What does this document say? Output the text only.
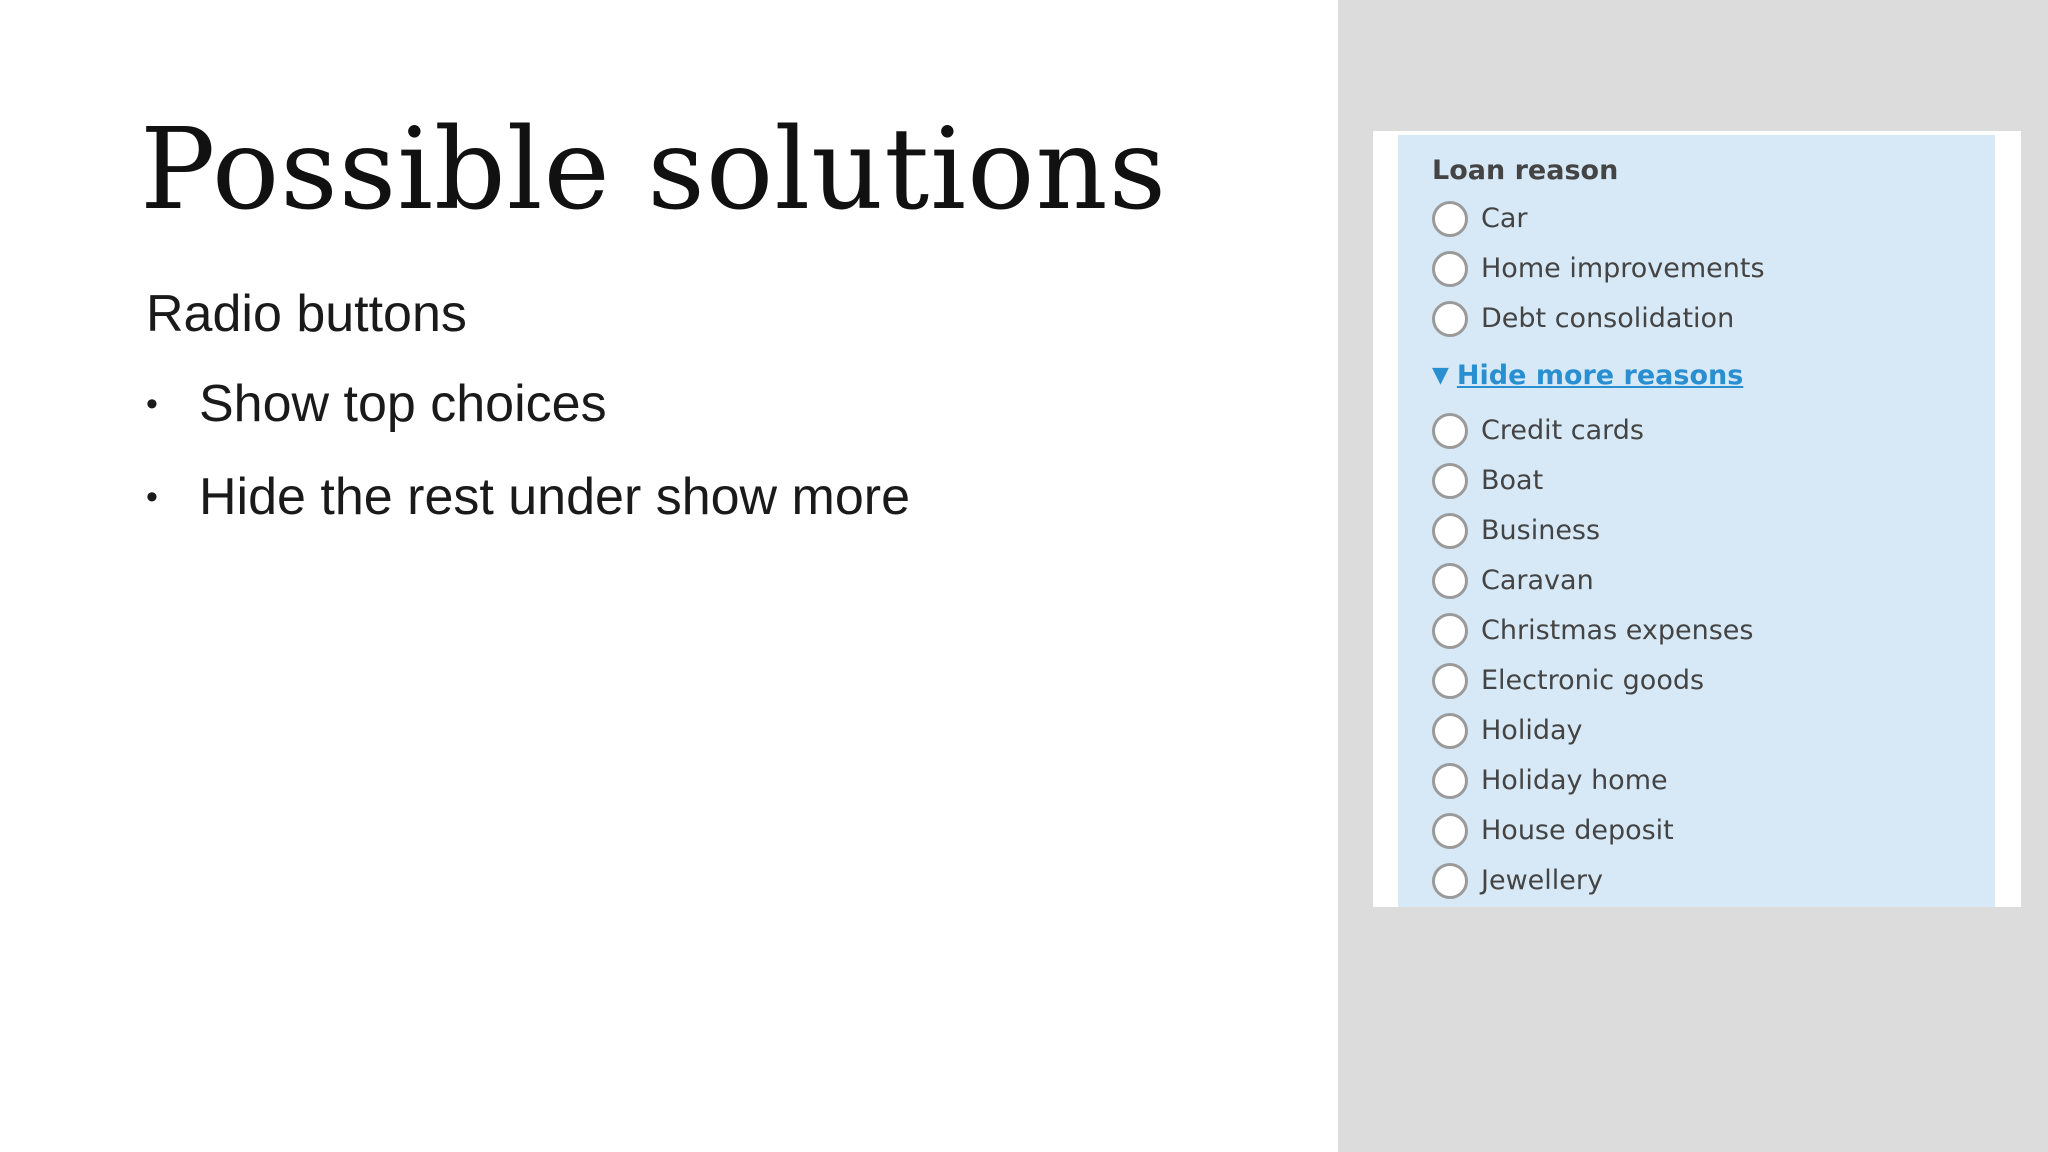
Possible solutions
Radio buttons
• Show top choices
• Hide the rest under show more
Loan reason
Car
Home improvements
Debt consolidation
▼ Hide more reasons
Credit cards
Boat
Business
Caravan
Christmas expenses
Electronic goods
Holiday
Holiday home
House deposit
Jewellery
